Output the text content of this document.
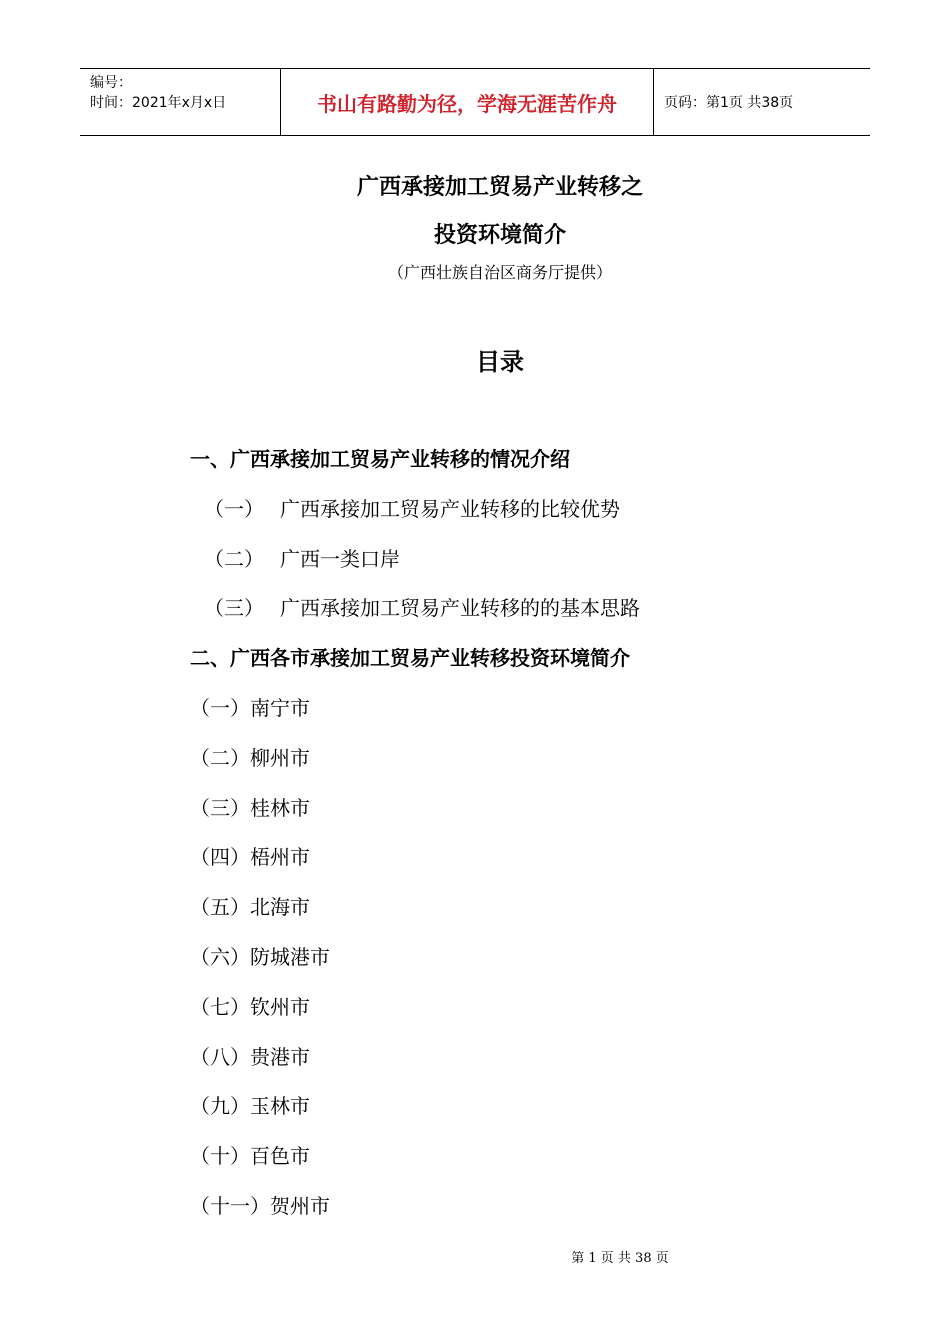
编号：
时间：2021年x月x日	书山有路勤为径，学海无涯苦作舟	页码：第1页 共38页
广西承接加工贸易产业转移之
投资环境简介
（广西壮族自治区商务厅提供）
目录
一、广西承接加工贸易产业转移的情况介绍
（一） 广西承接加工贸易产业转移的比较优势
（二） 广西一类口岸
（三） 广西承接加工贸易产业转移的的基本思路
二、广西各市承接加工贸易产业转移投资环境简介
（一）南宁市
（二）柳州市
（三）桂林市
（四）梧州市
（五）北海市
（六）防城港市
（七）钦州市
（八）贵港市
（九）玉林市
（十）百色市
（十一）贺州市
第 1 页 共 38 页
